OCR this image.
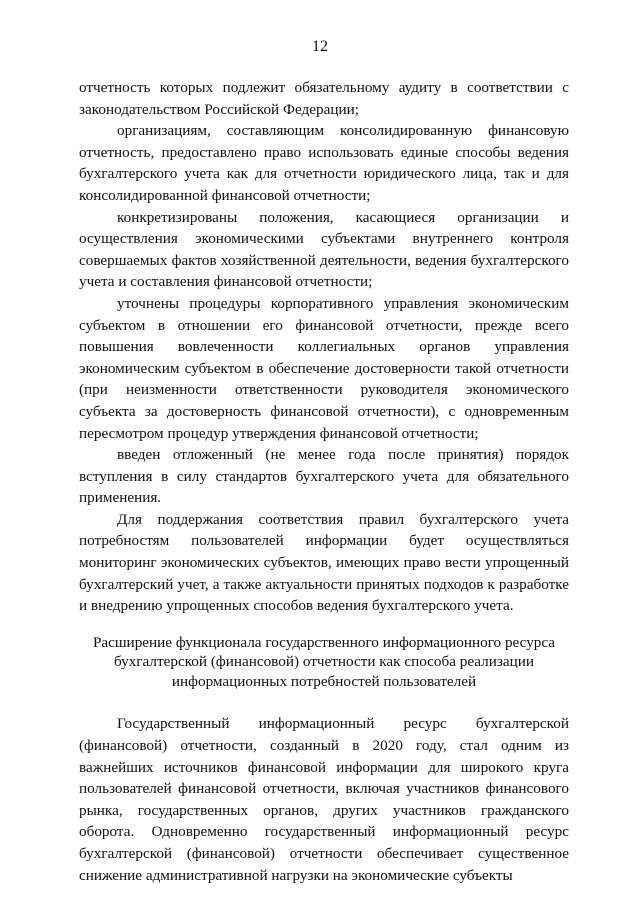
12

отчетность которых подлежит обязательному аудиту в соответствии с законодательством Российской Федерации;

организациям, составляющим консолидированную финансовую отчетность, предоставлено право использовать единые способы ведения бухгалтерского учета как для отчетности юридического лица, так и для консолидированной финансовой отчетности;

конкретизированы положения, касающиеся организации и осуществления экономическими субъектами внутреннего контроля совершаемых фактов хозяйственной деятельности, ведения бухгалтерского учета и составления финансовой отчетности;

уточнены процедуры корпоративного управления экономическим субъектом в отношении его финансовой отчетности, прежде всего повышения вовлеченности коллегиальных органов управления экономическим субъектом в обеспечение достоверности такой отчетности (при неизменности ответственности руководителя экономического субъекта за достоверность финансовой отчетности), с одновременным пересмотром процедур утверждения финансовой отчетности;

введен отложенный (не менее года после принятия) порядок вступления в силу стандартов бухгалтерского учета для обязательного применения.

Для поддержания соответствия правил бухгалтерского учета потребностям пользователей информации будет осуществляться мониторинг экономических субъектов, имеющих право вести упрощенный бухгалтерский учет, а также актуальности принятых подходов к разработке и внедрению упрощенных способов ведения бухгалтерского учета.

Расширение функционала государственного информационного ресурса
бухгалтерской (финансовой) отчетности как способа реализации
информационных потребностей пользователей

Государственный информационный ресурс бухгалтерской (финансовой) отчетности, созданный в 2020 году, стал одним из важнейших источников финансовой информации для широкого круга пользователей финансовой отчетности, включая участников финансового рынка, государственных органов, других участников гражданского оборота. Одновременно государственный информационный ресурс бухгалтерской (финансовой) отчетности обеспечивает существенное снижение административной нагрузки на экономические субъекты
